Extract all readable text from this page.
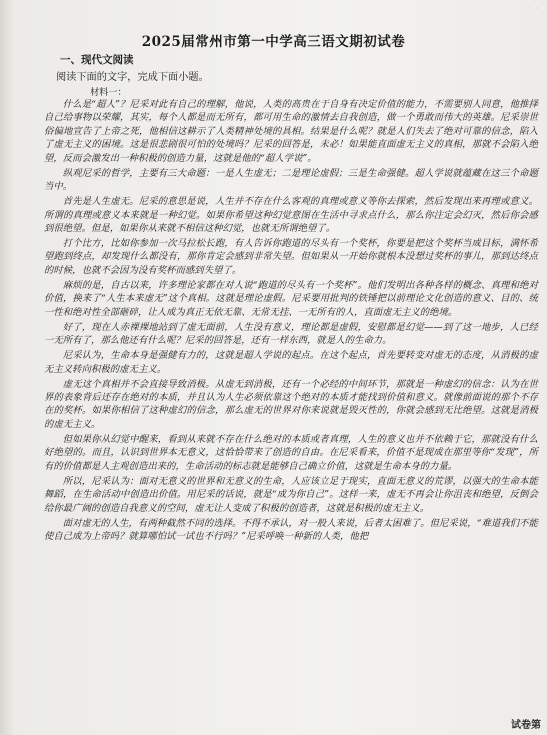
· · ·
2025届常州市第一中学高三语文期初试卷
一、现代文阅读
阅读下面的文字，完成下面小题。
材料一：

什么是“超人”？尼采对此有自己的理解，他说，人类的高贵在于自身有决定价值的能力，不需要别人同意，他推择自己给事物以荣耀，其实，每个人都是而无所有，都可用生命的激情去自我创造，做一个勇敢而伟大的英雄。尼采崇世俗偏地宣告了上帝之死，他相信这耕示了人类精神处境的具相。结果是什么呢？就是人们失去了绝对可靠的信念，陷入了虚无主义的困境。这是很悲剧很可怕的处境吗？尼采的回答是，未必！如果能直面虚无主义的真相，那就不会陷入绝望，反而会激发出一种积极的创造力量，这就是他的“超人学说”。

纵观尼采的哲学，主要有三大命题：一是人生虚无；二是理论虚假；三是生命强健。超人学说就蕴藏在这三个命题当中。

首先是人生虚无。尼采的意思是说，人生并不存在什么客观的真理或意义等你去探索，然后发现出来再理或意义。所谓的真理或意义本来就是一种幻觉。如果你希望这种幻觉意图在生活中寻求点什么，那么你注定会幻灭，然后你会感到很绝望。但是，如果你从来就不相信这种幻觉，也就无所谓绝望了。

打个比方，比如你参加一次马拉松长跑，有人告诉你跑道的尽头有一个奖杯，你要是把这个奖杯当成目标，满怀希望跑到终点，却发现什么都没有，那你肯定会感到非常失望。但如果从一开始你就根本没想过奖杯的事儿，那到达终点的时候，也就不会因为没有奖杯而感到失望了。

麻烦的是，自古以来，许多理论家都在对人说“跑道的尽头有一个奖杯”。他们发明出各种各样的概念、真理和绝对价值，换来了“人生本来虚无”这个真相。这就是理论虚假。尼采要用批判的铁锤把以前理论文化创造的意义、目的、统一性和绝对性全部砸碎，让人成为真正无依无靠、无常无挂、一无所有的人，直面虚无主义的绝境。

好了，现在人赤裸裸地站到了虚无面前，人生没有意义，理论都是虚假，安慰都是幻觉——到了这一地步，人已经一无所有了，那么他还有什么呢？尼采的回答是，还有一样东西，就是人的生命力。

尼采认为，生命本身是强健有力的，这就是超人学说的起点。在这个起点，首先要转变对虚无的态度，从消极的虚无主义转向积极的虚无主义。

虚无这个真相并不会直接导致消极。从虚无到消极，还有一个必经的中间环节，那就是一种虚幻的信念：认为在世界的表象背后还存在绝对的本质，并且认为人生必须依靠这个绝对的本质才能找到价值和意义。就像前面说的那个不存在的奖杯。如果你相信了这种虚幻的信念，那么虚无的世界对你来说就是毁灭性的，你就会感到无比绝望。这就是消极的虚无主义。

但如果你从幻觉中醒来，看到从来就不存在什么绝对的本质或者真理，人生的意义也并不依赖于它，那就没有什么好绝望的。而且，认识到世界本无意义，这恰恰带来了创造的自由。在尼采看来，价值不是现成在那里等你“发现”，所有的价值都是人主观创造出来的，生命活动的标志就是能够自己确立价值，这就是生命本身的力量。

所以，尼采认为：面对无意义的世界和无意义的生命，人应该立足于现实，直面无意义的荒谬，以强大的生命本能舞蹈，在生命活动中创造出价值。用尼采的话说，就是“成为你自己”。这样一来，虚无不再会让你沮丧和绝望，反倒会给你最广阔的创造自我意义的空间，虚无让人变成了积极的创造者，这就是积极的虚无主义。

面对虚无的人生，有两种截然不同的选择。不得不承认，对一般人来说，后者太困难了。但尼采说，“难道我们不能使自己成为上帝吗？就算哪怕试一试也不行吗？”尼采呼唤一种新的人类，他把

试卷第
